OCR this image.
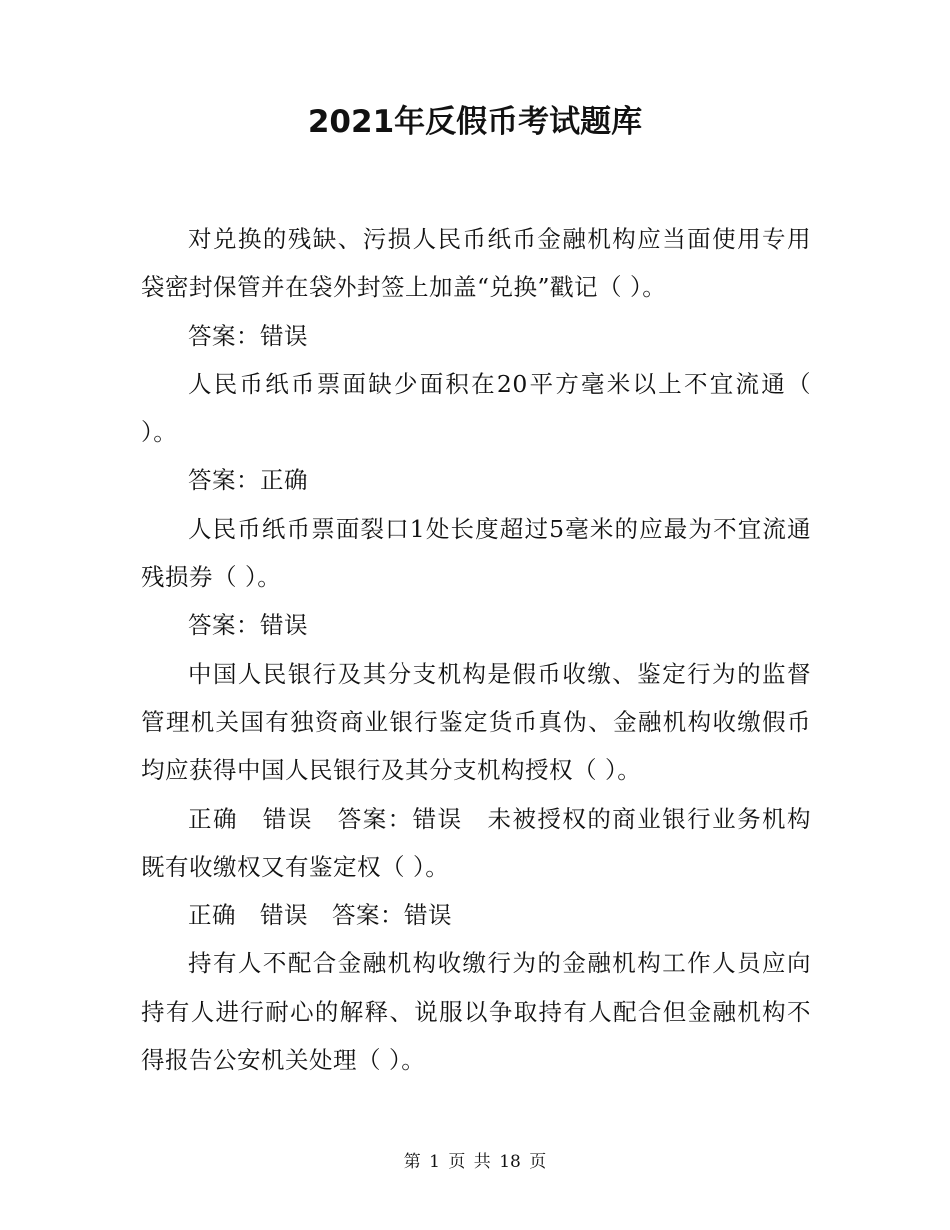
2021年反假币考试题库

对兑换的残缺、污损人民币纸币金融机构应当面使用专用袋密封保管并在袋外封签上加盖“兑换”戳记（ ）。

答案：错误

人民币纸币票面缺少面积在20平方毫米以上不宜流通（ ）。

答案：正确

人民币纸币票面裂口1处长度超过5毫米的应最为不宜流通残损券（ ）。

答案：错误

中国人民银行及其分支机构是假币收缴、鉴定行为的监督管理机关国有独资商业银行鉴定货币真伪、金融机构收缴假币均应获得中国人民银行及其分支机构授权（ ）。

正确　错误　答案：错误　未被授权的商业银行业务机构既有收缴权又有鉴定权（ ）。

正确　错误　答案：错误

持有人不配合金融机构收缴行为的金融机构工作人员应向持有人进行耐心的解释、说服以争取持有人配合但金融机构不得报告公安机关处理（ ）。

第 1 页 共 18 页
